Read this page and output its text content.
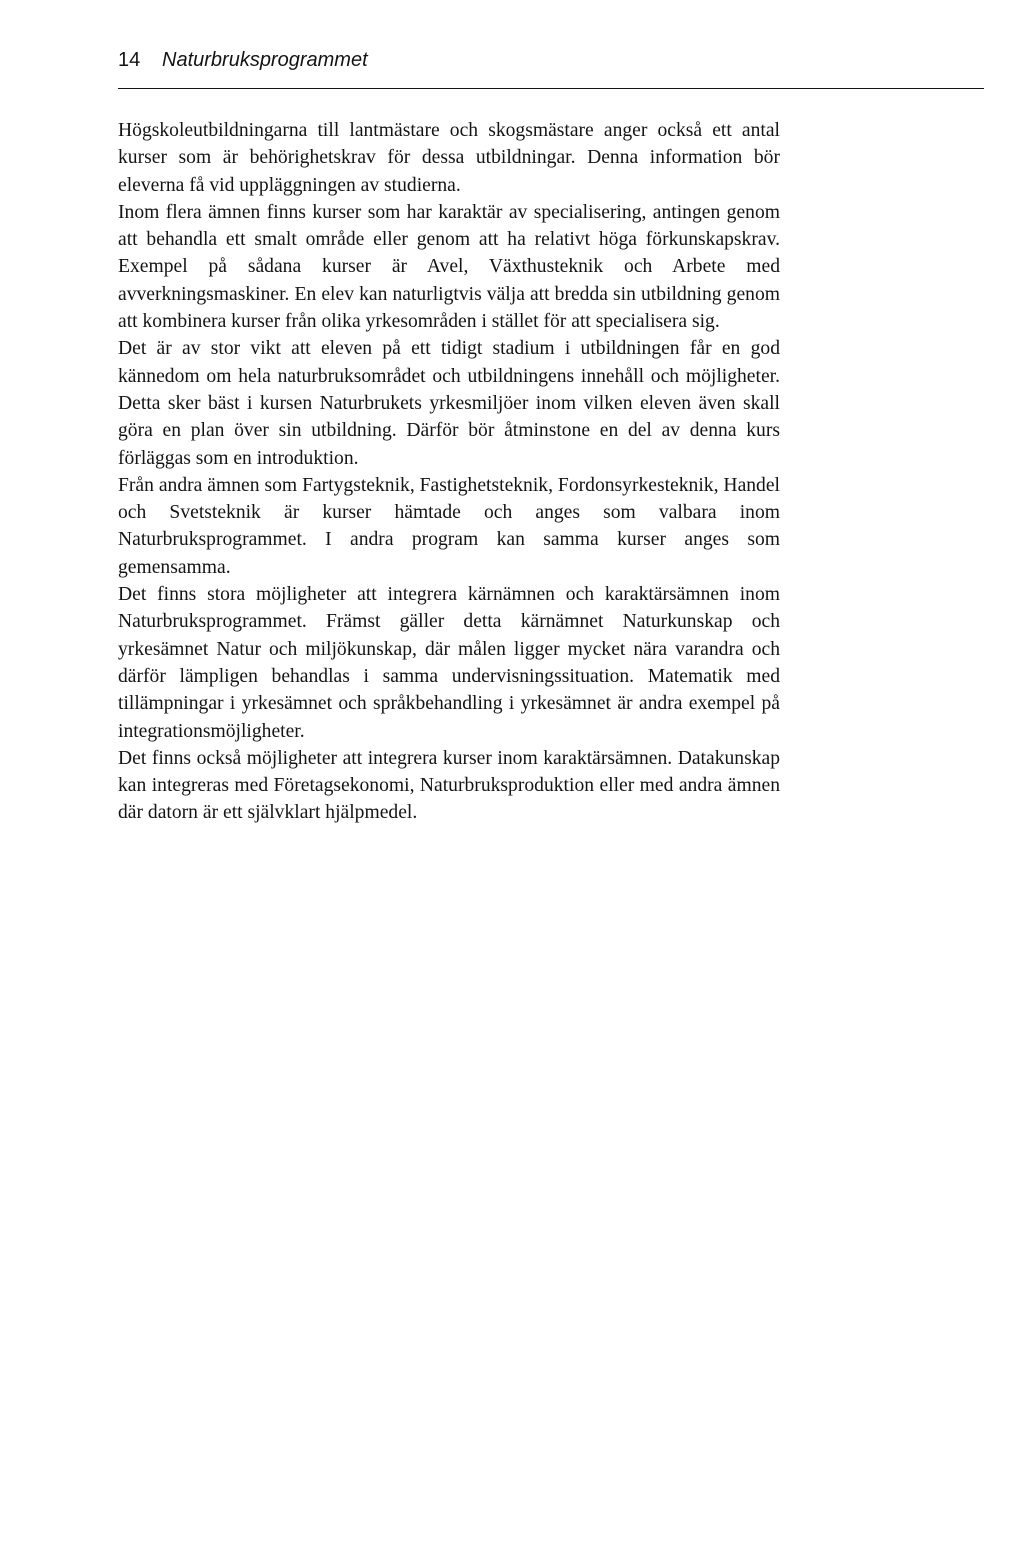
14 Naturbruksprogrammet

Högskoleutbildningarna till lantmästare och skogsmästare anger också ett antal kurser som är behörighetskrav för dessa utbildningar. Denna information bör eleverna få vid uppläggningen av studierna.

Inom flera ämnen finns kurser som har karaktär av specialisering, antingen genom att behandla ett smalt område eller genom att ha relativt höga förkunskapskrav. Exempel på sådana kurser är Avel, Växthusteknik och Arbete med avverkningsmaskiner. En elev kan naturligtvis välja att bredda sin utbildning genom att kombinera kurser från olika yrkesområden i stället för att specialisera sig.

Det är av stor vikt att eleven på ett tidigt stadium i utbildningen får en god kännedom om hela naturbruksområdet och utbildningens innehåll och möjligheter. Detta sker bäst i kursen Naturbrukets yrkesmiljöer inom vilken eleven även skall göra en plan över sin utbildning. Därför bör åtminstone en del av denna kurs förläggas som en introduktion.

Från andra ämnen som Fartygsteknik, Fastighetsteknik, Fordonsyrkesteknik, Handel och Svetsteknik är kurser hämtade och anges som valbara inom Naturbruksprogrammet. I andra program kan samma kurser anges som gemensamma.

Det finns stora möjligheter att integrera kärnämnen och karaktärsämnen inom Naturbruksprogrammet. Främst gäller detta kärnämnet Naturkunskap och yrkesämnet Natur och miljökunskap, där målen ligger mycket nära varandra och därför lämpligen behandlas i samma undervisningssituation. Matematik med tillämpningar i yrkesämnet och språkbehandling i yrkesämnet är andra exempel på integrationsmöjligheter.

Det finns också möjligheter att integrera kurser inom karaktärsämnen. Datakunskap kan integreras med Företagsekonomi, Naturbruksproduktion eller med andra ämnen där datorn är ett självklart hjälpmedel.
